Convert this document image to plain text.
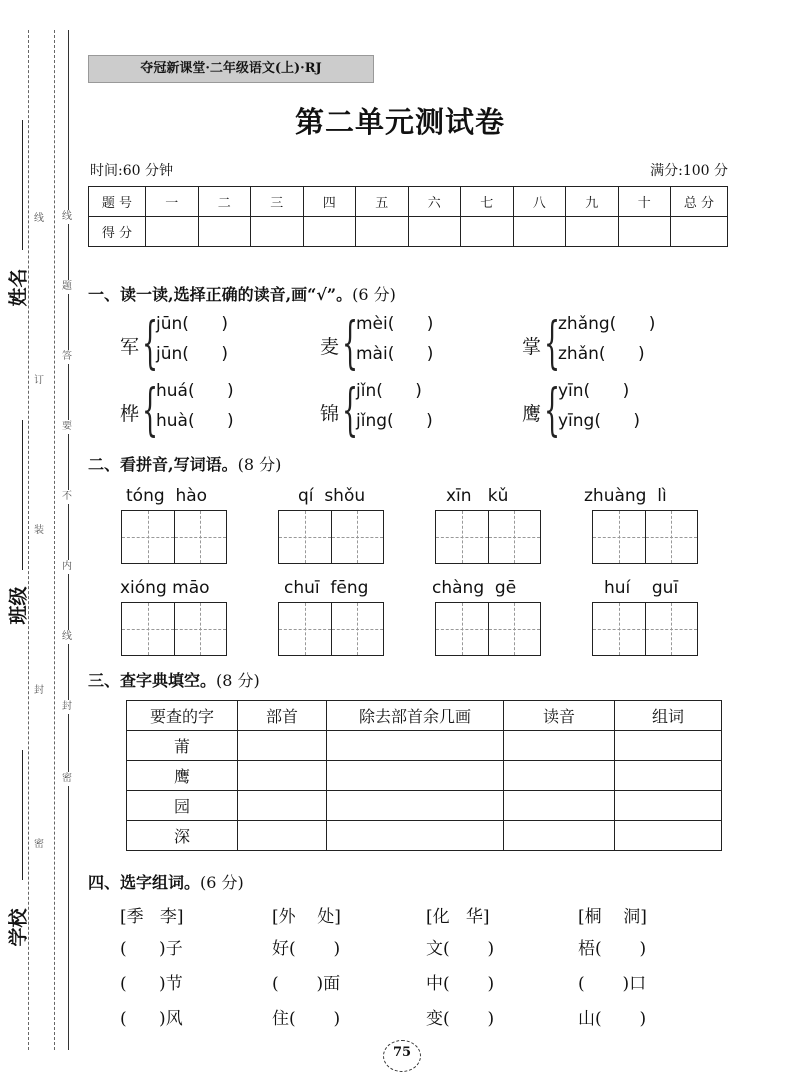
姓名
班级
学校
线
题
答
要
不
内
线
封
密
线
订
装
封
密
夺冠新课堂·二年级语文(上)·RJ
第二单元测试卷
时间:60 分钟	满分:100 分
题 号	一	二	三	四	五	六	七	八	九	十	总 分
得 分											
一、读一读,选择正确的读音,画“√”。(6 分)
军 {
jūn(      )
jūn(      )	麦 {
mèi(      )
mài(      )	掌 {
zhǎng(      )
zhǎn(      )
桦 {
huá(      )
huà(      )	锦 {
jǐn(      )
jǐng(      )	鹰 {
yīn(      )
yīng(      )
二、看拼音,写词语。(8 分)
tóng  hào	qí  shǒu	xīn   kǔ	zhuàng  lì
xióng māo	chuī  fēng	chàng  gē	huí    guī
三、查字典填空。(8 分)
要查的字	部首	除去部首余几画	读音	组词
莆				
鹰				
园				
深				
四、选字组词。(6 分)
[季   李]	[外    处]	[化   华]	[桐    洞]
(      )子	好(       )	文(       )	梧(       )
(      )节	(       )面	中(       )	(       )口
(      )风	住(       )	变(       )	山(       )
75
